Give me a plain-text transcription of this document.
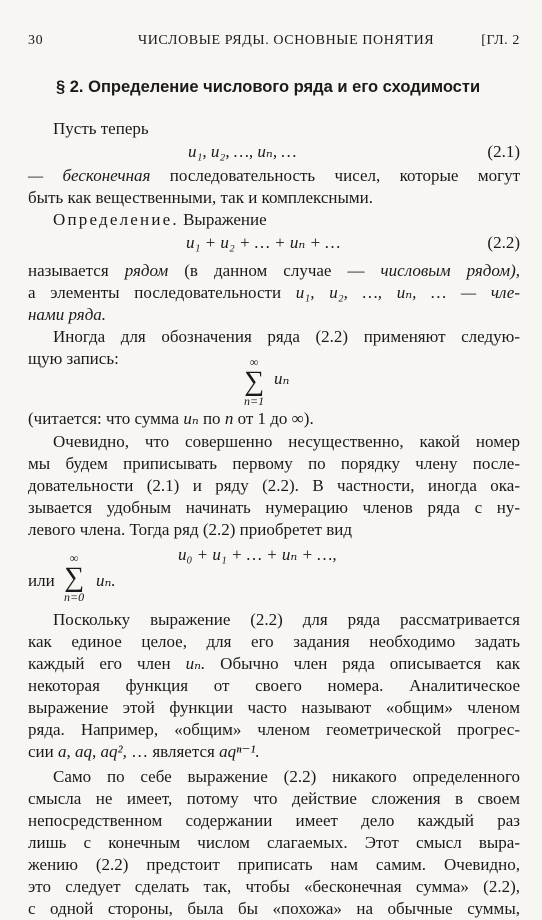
30	ЧИСЛОВЫЕ РЯДЫ. ОСНОВНЫЕ ПОНЯТИЯ	[ГЛ. 2
§ 2. Определение числового ряда и его сходимости
Пусть теперь
u₁, u₂, …, uₙ, …	(2.1)
— бесконечная последовательность чисел, которые могут
быть как вещественными, так и комплексными.
Определение. Выражение
u₁ + u₂ + … + uₙ + …	(2.2)
называется рядом (в данном случае — числовым рядом),
а элементы последовательности u₁, u₂, …, uₙ, … — чле-
нами ряда.
Иногда для обозначения ряда (2.2) применяют следую-
щую запись:	∞
∑
n=1
uₙ
(читается: что сумма uₙ по n от 1 до ∞).
Очевидно, что совершенно несущественно, какой номер
мы будем приписывать первому по порядку члену после-
довательности (2.1) и ряду (2.2). В частности, иногда ока-
зывается удобным начинать нумерацию членов ряда с ну-
левого члена. Тогда ряд (2.2) приобретет вид
u₀ + u₁ + … + uₙ + …,
или
∞
∑
n=0
uₙ.
Поскольку выражение (2.2) для ряда рассматривается
как единое целое, для его задания необходимо задать
каждый его член uₙ. Обычно член ряда описывается как
некоторая функция от своего номера. Аналитическое
выражение этой функции часто называют «общим» членом
ряда. Например, «общим» членом геометрической прогрес-
сии a, aq, aq², … является aqⁿ⁻¹.
Само по себе выражение (2.2) никакого определенного
смысла не имеет, потому что действие сложения в своем
непосредственном содержании имеет дело каждый раз
лишь с конечным числом слагаемых. Этот смысл выра-
жению (2.2) предстоит приписать нам самим. Очевидно,
это следует сделать так, чтобы «бесконечная сумма» (2.2),
с одной стороны, была бы «похожа» на обычные суммы,
